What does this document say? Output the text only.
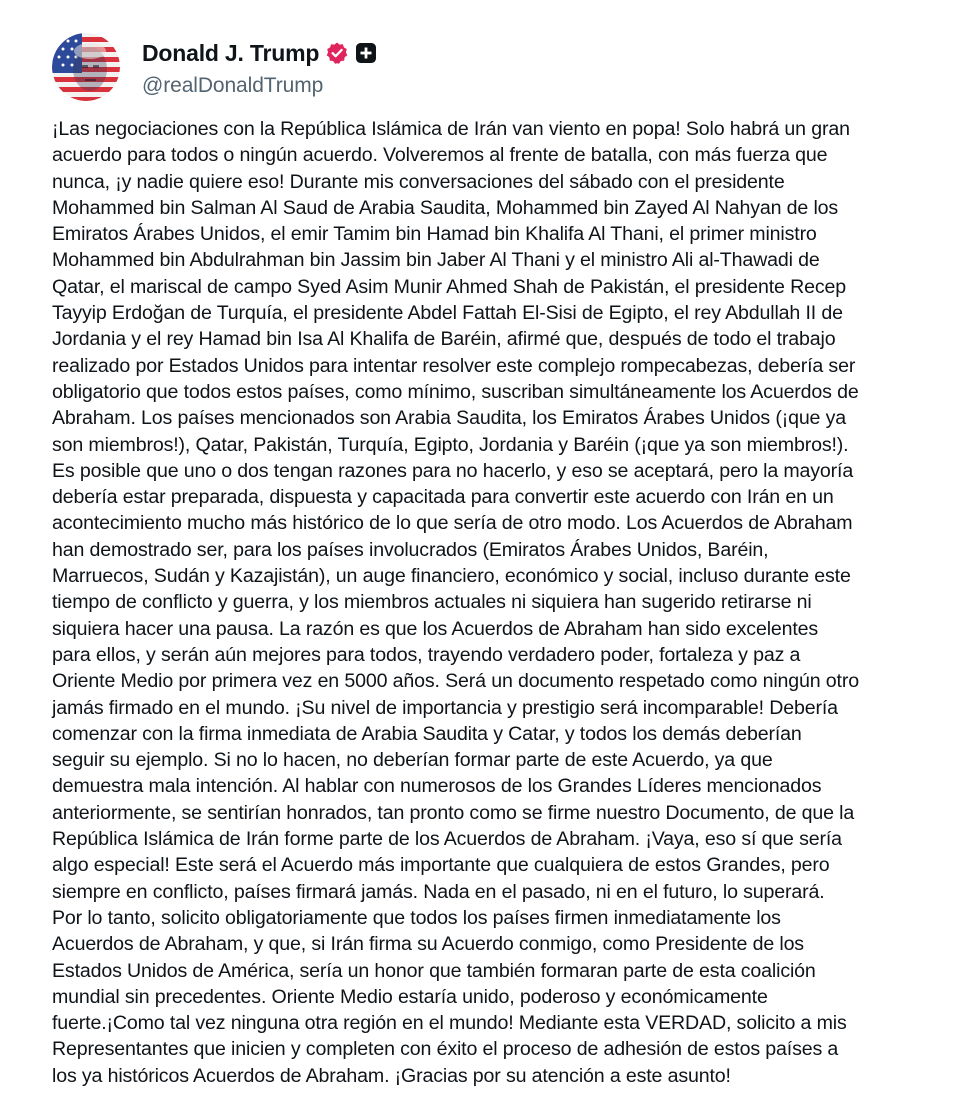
Donald J. Trump
@realDonaldTrump
¡Las negociaciones con la República Islámica de Irán van viento en popa! Solo habrá un gran
acuerdo para todos o ningún acuerdo. Volveremos al frente de batalla, con más fuerza que
nunca, ¡y nadie quiere eso! Durante mis conversaciones del sábado con el presidente
Mohammed bin Salman Al Saud de Arabia Saudita, Mohammed bin Zayed Al Nahyan de los
Emiratos Árabes Unidos, el emir Tamim bin Hamad bin Khalifa Al Thani, el primer ministro
Mohammed bin Abdulrahman bin Jassim bin Jaber Al Thani y el ministro Ali al-Thawadi de
Qatar, el mariscal de campo Syed Asim Munir Ahmed Shah de Pakistán, el presidente Recep
Tayyip Erdoğan de Turquía, el presidente Abdel Fattah El-Sisi de Egipto, el rey Abdullah II de
Jordania y el rey Hamad bin Isa Al Khalifa de Baréin, afirmé que, después de todo el trabajo
realizado por Estados Unidos para intentar resolver este complejo rompecabezas, debería ser
obligatorio que todos estos países, como mínimo, suscriban simultáneamente los Acuerdos de
Abraham. Los países mencionados son Arabia Saudita, los Emiratos Árabes Unidos (¡que ya
son miembros!), Qatar, Pakistán, Turquía, Egipto, Jordania y Baréin (¡que ya son miembros!).
Es posible que uno o dos tengan razones para no hacerlo, y eso se aceptará, pero la mayoría
debería estar preparada, dispuesta y capacitada para convertir este acuerdo con Irán en un
acontecimiento mucho más histórico de lo que sería de otro modo. Los Acuerdos de Abraham
han demostrado ser, para los países involucrados (Emiratos Árabes Unidos, Baréin,
Marruecos, Sudán y Kazajistán), un auge financiero, económico y social, incluso durante este
tiempo de conflicto y guerra, y los miembros actuales ni siquiera han sugerido retirarse ni
siquiera hacer una pausa. La razón es que los Acuerdos de Abraham han sido excelentes
para ellos, y serán aún mejores para todos, trayendo verdadero poder, fortaleza y paz a
Oriente Medio por primera vez en 5000 años. Será un documento respetado como ningún otro
jamás firmado en el mundo. ¡Su nivel de importancia y prestigio será incomparable! Debería
comenzar con la firma inmediata de Arabia Saudita y Catar, y todos los demás deberían
seguir su ejemplo. Si no lo hacen, no deberían formar parte de este Acuerdo, ya que
demuestra mala intención. Al hablar con numerosos de los Grandes Líderes mencionados
anteriormente, se sentirían honrados, tan pronto como se firme nuestro Documento, de que la
República Islámica de Irán forme parte de los Acuerdos de Abraham. ¡Vaya, eso sí que sería
algo especial! Este será el Acuerdo más importante que cualquiera de estos Grandes, pero
siempre en conflicto, países firmará jamás. Nada en el pasado, ni en el futuro, lo superará.
Por lo tanto, solicito obligatoriamente que todos los países firmen inmediatamente los
Acuerdos de Abraham, y que, si Irán firma su Acuerdo conmigo, como Presidente de los
Estados Unidos de América, sería un honor que también formaran parte de esta coalición
mundial sin precedentes. Oriente Medio estaría unido, poderoso y económicamente
fuerte.¡Como tal vez ninguna otra región en el mundo! Mediante esta VERDAD, solicito a mis
Representantes que inicien y completen con éxito el proceso de adhesión de estos países a
los ya históricos Acuerdos de Abraham. ¡Gracias por su atención a este asunto!
